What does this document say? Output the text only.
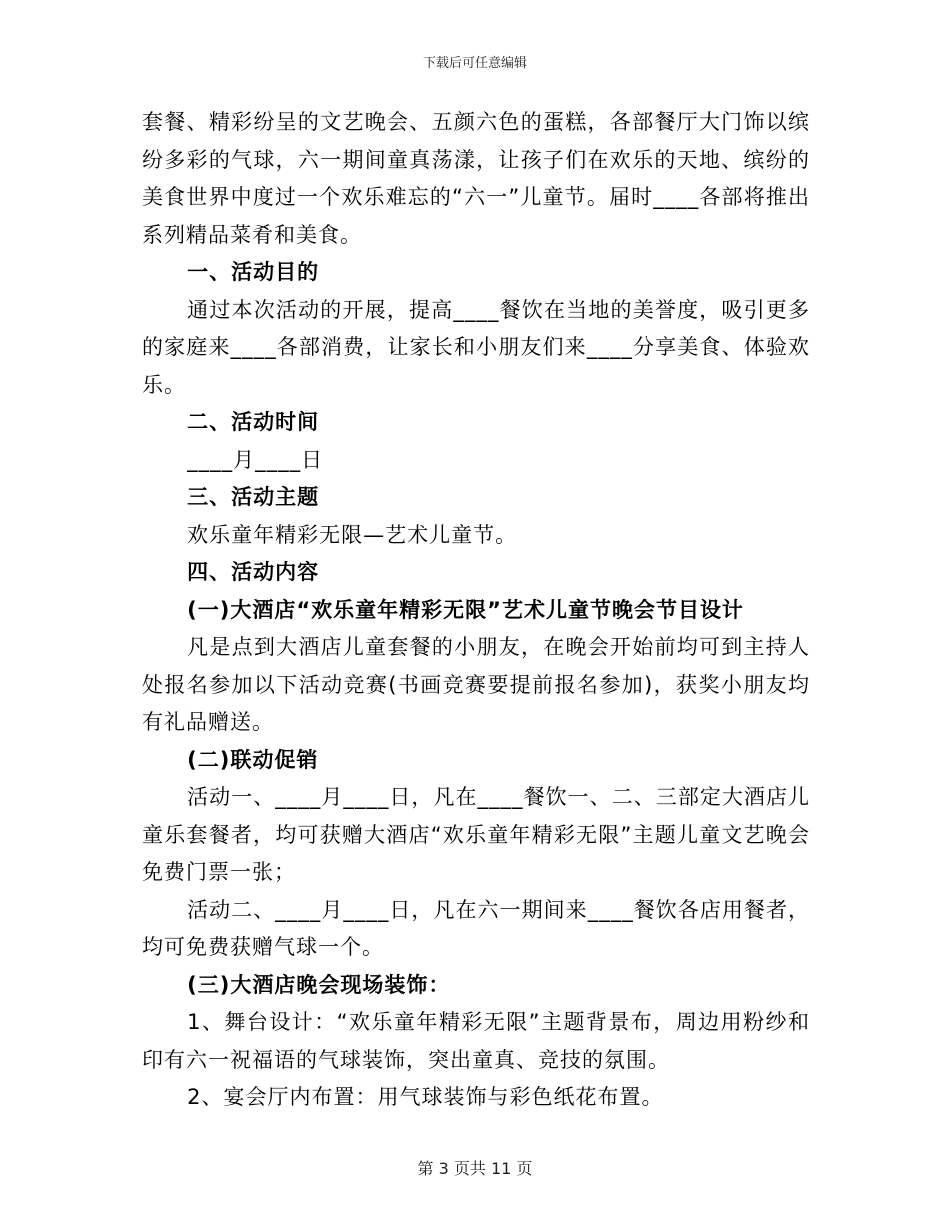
下载后可任意编辑

套餐、精彩纷呈的文艺晚会、五颜六色的蛋糕，各部餐厅大门饰以缤纷多彩的气球，六一期间童真荡漾，让孩子们在欢乐的天地、缤纷的美食世界中度过一个欢乐难忘的“六一”儿童节。届时____各部将推出系列精品菜肴和美食。

一、活动目的

通过本次活动的开展，提高____餐饮在当地的美誉度，吸引更多的家庭来____各部消费，让家长和小朋友们来____分享美食、体验欢乐。

二、活动时间

____月____日

三、活动主题

欢乐童年精彩无限—艺术儿童节。

四、活动内容

(一)大酒店“欢乐童年精彩无限”艺术儿童节晚会节目设计

凡是点到大酒店儿童套餐的小朋友，在晚会开始前均可到主持人处报名参加以下活动竞赛(书画竞赛要提前报名参加)，获奖小朋友均有礼品赠送。

(二)联动促销

活动一、____月____日，凡在____餐饮一、二、三部定大酒店儿童乐套餐者，均可获赠大酒店“欢乐童年精彩无限”主题儿童文艺晚会免费门票一张；

活动二、____月____日，凡在六一期间来____餐饮各店用餐者，均可免费获赠气球一个。

(三)大酒店晚会现场装饰：

1、舞台设计：“欢乐童年精彩无限”主题背景布，周边用粉纱和印有六一祝福语的气球装饰，突出童真、竞技的氛围。

2、宴会厅内布置：用气球装饰与彩色纸花布置。

第 3 页共 11 页
